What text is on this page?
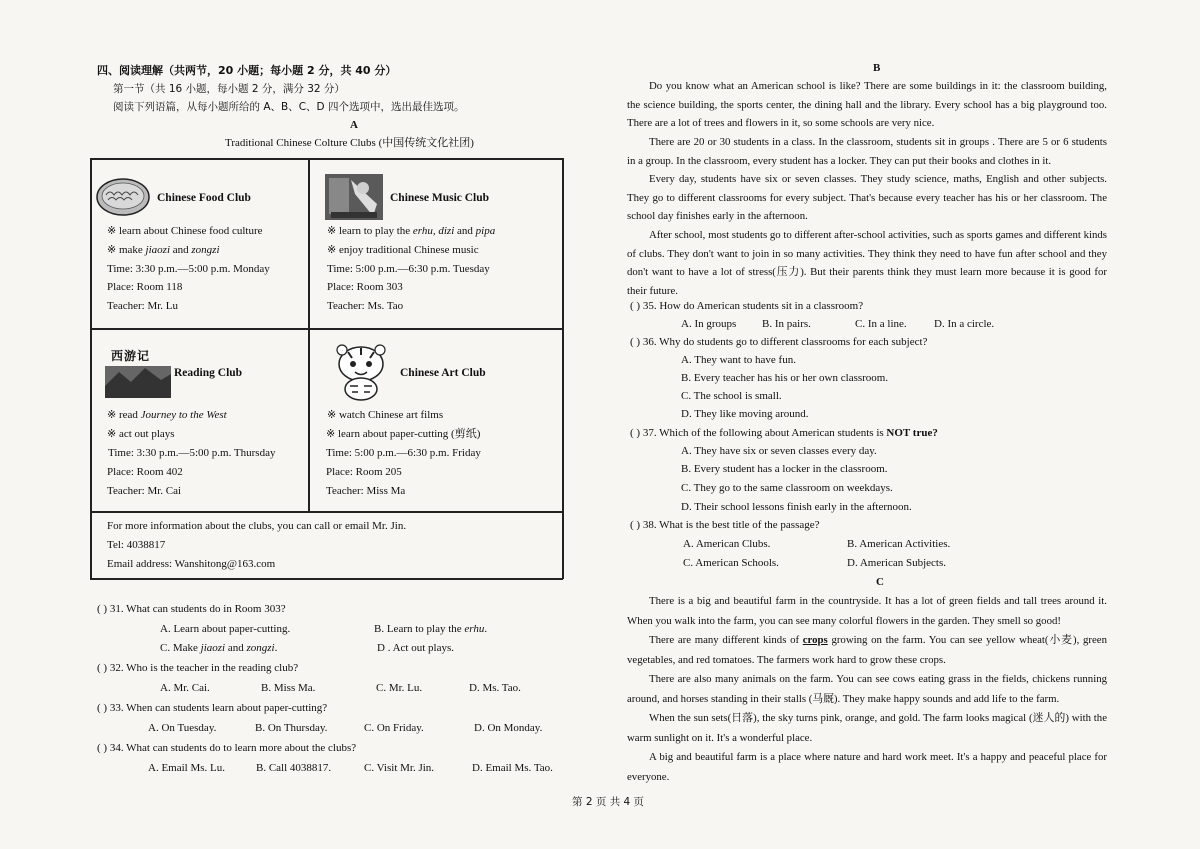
四、阅读理解（共两节，20 小题；每小题 2 分，共 40 分）
第一节（共 16 小题，每小题 2 分，满分 32 分）
阅读下列语篇，从每小题所给的 A、B、C、D 四个选项中，选出最佳选项。
A
Traditional Chinese Colture Clubs (中国传统文化社团)
Chinese Food Club
※ learn about Chinese food culture
※ make jiaozi and zongzi
Time: 3:30 p.m.—5:00 p.m. Monday
Place: Room 118
Teacher: Mr. Lu
Chinese Music Club
※ learn to play the erhu, dizi and pipa
※ enjoy traditional Chinese music
Time: 5:00 p.m.—6:30 p.m. Tuesday
Place: Room 303
Teacher: Ms. Tao
西游记
Reading Club
※ read Journey to the West
※ act out plays
Time: 3:30 p.m.—5:00 p.m. Thursday
Place: Room 402
Teacher: Mr. Cai
Chinese Art Club
※ watch Chinese art films
※ learn about paper-cutting (剪纸)
Time: 5:00 p.m.—6:30 p.m. Friday
Place: Room 205
Teacher: Miss Ma
For more information about the clubs, you can call or email Mr. Jin.
Tel: 4038817
Email address: Wanshitong@163.com
( ) 31. What can students do in Room 303?
A. Learn about paper-cutting.	B. Learn to play the erhu.
C. Make jiaozi and zongzi.	D . Act out plays.
( ) 32. Who is the teacher in the reading club?
A. Mr. Cai.	B. Miss Ma.	C. Mr. Lu.	D. Ms. Tao.
( ) 33. When can students learn about paper-cutting?
A. On Tuesday.	B. On Thursday.	C. On Friday.	D. On Monday.
( ) 34. What can students do to learn more about the clubs?
A. Email Ms. Lu.	B. Call 4038817.	C. Visit Mr. Jin.	D. Email Ms. Tao.
B
Do you know what an American school is like? There are some buildings in it: the classroom building, the science building, the sports center, the dining hall and the library. Every school has a big playground too. There are a lot of trees and flowers in it, so some schools are very nice.
There are 20 or 30 students in a class. In the classroom, students sit in groups . There are 5 or 6 students in a group. In the classroom, every student has a locker. They can put their books and clothes in it.
Every day, students have six or seven classes. They study science, maths, English and other subjects. They go to different classrooms for every subject. That's because every teacher has his or her classroom. The school day finishes early in the afternoon.
After school, most students go to different after-school activities, such as sports games and different kinds of clubs. They don't want to join in so many activities. They think they need to have fun after school and they don't want to have a lot of stress(压力). But their parents think they must learn more because it is good for their future.
( ) 35. How do American students sit in a classroom?
A. In groups B. In pairs.	C. In a line. D. In a circle.
( ) 36. Why do students go to different classrooms for each subject?
A. They want to have fun.
B. Every teacher has his or her own classroom.
C. The school is small.
D. They like moving around.
( ) 37. Which of the following about American students is NOT true?
A. They have six or seven classes every day.
B. Every student has a locker in the classroom.
C. They go to the same classroom on weekdays.
D. Their school lessons finish early in the afternoon.
( ) 38. What is the best title of the passage?
A. American Clubs.	B. American Activities.
C. American Schools.	D. American Subjects.
C
There is a big and beautiful farm in the countryside. It has a lot of green fields and tall trees around it. When you walk into the farm, you can see many colorful flowers in the garden. They smell so good!
There are many different kinds of crops growing on the farm. You can see yellow wheat(小麦), green vegetables, and red tomatoes. The farmers work hard to grow these crops.
There are also many animals on the farm. You can see cows eating grass in the fields, chickens running around, and horses standing in their stalls (马厩). They make happy sounds and add life to the farm.
When the sun sets(日落), the sky turns pink, orange, and gold. The farm looks magical (迷人的) with the warm sunlight on it. It's a wonderful place.
A big and beautiful farm is a place where nature and hard work meet. It's a happy and peaceful place for everyone.
第 2 页 共 4 页
